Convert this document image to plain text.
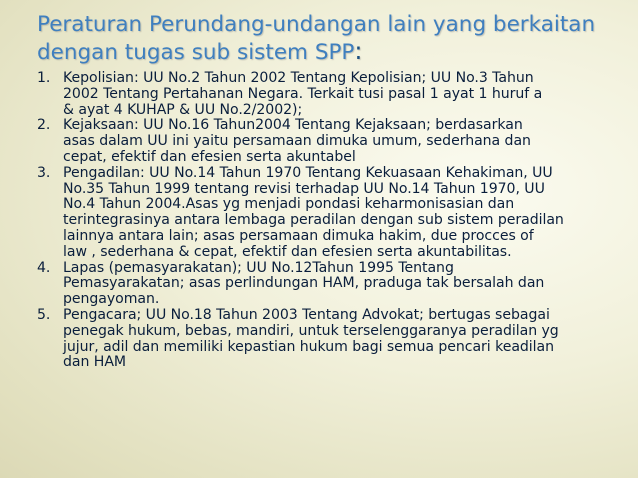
Peraturan Perundang-undangan lain yang berkaitan
dengan tugas sub sistem SPP:
1. Kepolisian: UU No.2 Tahun 2002 Tentang Kepolisian; UU No.3 Tahun
2002 Tentang Pertahanan Negara. Terkait tusi pasal 1 ayat 1 huruf a
& ayat 4 KUHAP & UU No.2/2002);
2. Kejaksaan: UU No.16 Tahun2004 Tentang Kejaksaan; berdasarkan
asas dalam UU ini yaitu persamaan dimuka umum, sederhana dan
cepat, efektif dan efesien serta akuntabel
3. Pengadilan: UU No.14 Tahun 1970 Tentang Kekuasaan Kehakiman, UU
No.35 Tahun 1999 tentang revisi terhadap UU No.14 Tahun 1970, UU
No.4 Tahun 2004.Asas yg menjadi pondasi keharmonisasian dan
terintegrasinya antara lembaga peradilan dengan sub sistem peradilan
lainnya antara lain; asas persamaan dimuka hakim, due procces of
law , sederhana & cepat, efektif dan efesien serta akuntabilitas.
4. Lapas (pemasyarakatan); UU No.12Tahun 1995 Tentang
Pemasyarakatan; asas perlindungan HAM, praduga tak bersalah dan
pengayoman.
5. Pengacara; UU No.18 Tahun 2003 Tentang Advokat; bertugas sebagai
penegak hukum, bebas, mandiri, untuk terselenggaranya peradilan yg
jujur, adil dan memiliki kepastian hukum bagi semua pencari keadilan
dan HAM
